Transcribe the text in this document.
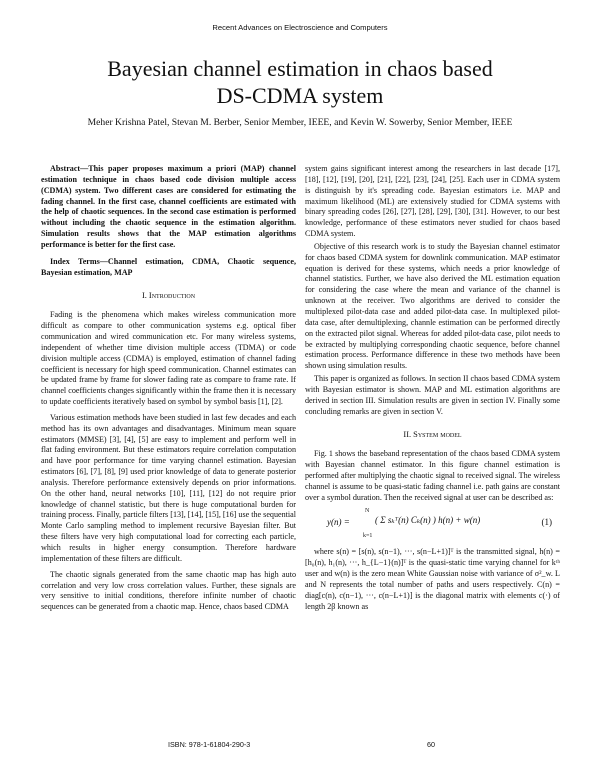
Recent Advances on Electroscience and Computers
Bayesian channel estimation in chaos based
DS-CDMA system
Meher Krishna Patel, Stevan M. Berber, Senior Member, IEEE, and Kevin W. Sowerby, Senior Member, IEEE

Abstract—This paper proposes maximum a priori (MAP) channel estimation technique in chaos based code division multiple access (CDMA) system. Two different cases are considered for estimating the fading channel. In the first case, channel coefficients are estimated with the help of chaotic sequences. In the second case estimation is performed without including the chaotic sequence in the estimation algorithm. Simulation results shows that the MAP estimation algorithms performance is better for the first case.

Index Terms—Channel estimation, CDMA, Chaotic sequence, Bayesian estimation, MAP

I. Introduction

Fading is the phenomena which makes wireless communication more difficult as compare to other communication systems e.g. optical fiber communication and wired communication etc. For many wireless systems, independent of whether time division multiple access (TDMA) or code division multiple access (CDMA) is employed, estimation of channel fading coefficient is necessary for high speed communication. Channel estimates can be updated frame by frame for slower fading rate as compare to frame rate. If channel coefficients changes significantly within the frame then it is necessary to update coefficients iteratively based on symbol by symbol basis [1], [2].

Various estimation methods have been studied in last few decades and each method has its own advantages and disadvantages. Minimum mean square estimators (MMSE) [3], [4], [5] are easy to implement and perform well in flat fading environment. But these estimators require correlation computation and have poor performance for time varying channel estimation. Bayesian estimators [6], [7], [8], [9] used prior knowledge of data to generate posterior analysis. Therefore performance extensively depends on prior informations. On the other hand, neural networks [10], [11], [12] do not require prior knowledge of channel statistic, but there is huge computational burden for training process. Finally, particle filters [13], [14], [15], [16] use the sequential Monte Carlo sampling method to implement recursive Bayesian filter. But these filters have very high computational load for correcting each particle, which results in higher energy consumption. Therefore hardware implementation of these filters are difficult.

The chaotic signals generated from the same chaotic map has high auto correlation and very low cross correlation values. Further, these signals are very sensitive to initial conditions, therefore infinite number of chaotic sequences can be generated from a chaotic map. Hence, chaos based CDMA

system gains significant interest among the researchers in last decade [17], [18], [12], [19], [20], [21], [22], [23], [24], [25]. Each user in CDMA system is distinguish by it's spreading code. Bayesian estimators i.e. MAP and maximum likelihood (ML) are extensively studied for CDMA systems with binary spreading codes [26], [27], [28], [29], [30], [31]. However, to our best knowledge, performance of these estimators never studied for chaos based CDMA system.

Objective of this research work is to study the Bayesian channel estimator for chaos based CDMA system for downlink communication. MAP estimator equation is derived for these systems, which needs a prior knowledge of channel statistics. Further, we have also derived the ML estimation equation for considering the case where the mean and variance of the channel is unknown at the receiver. Two algorithms are derived to consider the multiplexed pilot-data case and added pilot-data case. In multiplexed pilot-data case, after demultiplexing, channle estimation can be performed directly on the extracted pilot signal. Whereas for added pilot-data case, pilot needs to be extracted by multiplying corresponding chaotic sequence, before channel estimation process. Performance difference in these two methods have been shown using simulation results.

This paper is organized as follows. In section II chaos based CDMA system with Bayesian estimator is shown. MAP and ML estimation algorithms are derived in section III. Simulation results are given in section IV. Finally some concluding remarks are given in section V.

II. System model

Fig. 1 shows the baseband representation of the chaos based CDMA system with Bayesian channel estimator. In this figure channel estimation is performed after multiplying the chaotic signal to received signal. The wireless channel is assume to be quasi-static fading channel i.e. path gains are constant over a symbol duration. Then the received signal at user can be described as:

y(n) =
N
k=1
( Σ sₖᵀ(n) Cₖ(n) ) h(n) + w(n)	(1)

where s(n) = [s(n), s(n−1), ···, s(n−L+1)]ᵀ is the transmitted signal, h(n) = [h₀(n), h₁(n), ···, h_{L−1}(n)]ᵀ is the quasi-static time varying channel for kᵗʰ user and w(n) is the zero mean White Gaussian noise with variance of σ²_w. L and N represents the total number of paths and users respectively. C(n) = diag[c(n), c(n−1), ···, c(n−L+1)] is the diagonal matrix with elements c(·) of length 2β known as

ISBN: 978-1-61804-290-3	60
